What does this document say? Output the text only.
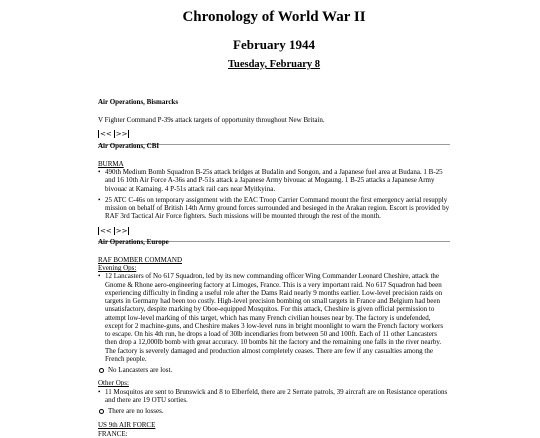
Chronology of World War II
February 1944
Tuesday, February 8
Air Operations, Bismarcks

V Fighter Command P-39s attack targets of opportunity throughout New Britain.

<< >>
Air Operations, CBI
BURMA
• 490th Medium Bomb Squadron B-25s attack bridges at Budalin and Songon, and a Japanese fuel area at Budana. 1 B-25 and 16 10th Air Force A-36s and P-51s attack a Japanese Army bivouac at Mogaung. 1 B-25 attacks a Japanese Army bivouac at Kamaing. 4 P-51s attack rail cars near Myitkyina.
• 25 ATC C-46s on temporary assignment with the EAC Troop Carrier Command mount the first emergency aerial resupply mission on behalf of British 14th Army ground forces surrounded and besieged in the Arakan region. Escort is provided by RAF 3rd Tactical Air Force fighters. Such missions will be mounted through the rest of the month.
<< >>
Air Operations, Europe
RAF BOMBER COMMAND
Evening Ops:
• 12 Lancasters of No 617 Squadron, led by its new commanding officer Wing Commander Leonard Cheshire, attack the Gnome & Rhone aero-engineering factory at Limoges, France. This is a very important raid. No 617 Squadron had been experiencing difficulty in finding a useful role after the Dams Raid nearly 9 months earlier. Low-level precision raids on targets in Germany had been too costly. High-level precision bombing on small targets in France and Belgium had been unsatisfactory, despite marking by Oboe-equipped Mosquitos. For this attack, Cheshire is given official permission to attempt low-level marking of this target, which has many French civilian houses near by. The factory is undefended, except for 2 machine-guns, and Cheshire makes 3 low-level runs in bright moonlight to warn the French factory workers to escape. On his 4th run, he drops a load of 30lb incendiaries from between 50 and 100ft. Each of 11 other Lancasters then drop a 12,000lb bomb with great accuracy. 10 bombs hit the factory and the remaining one falls in the river nearby. The factory is severely damaged and production almost completely ceases. There are few if any casualties among the French people.
No Lancasters are lost.
Other Ops:
• 11 Mosquitos are sent to Brunswick and 8 to Elberfeld, there are 2 Serrate patrols, 39 aircraft are on Resistance operations and there are 19 OTU sorties.
There are no losses.
US 9th AIR FORCE
FRANCE:
